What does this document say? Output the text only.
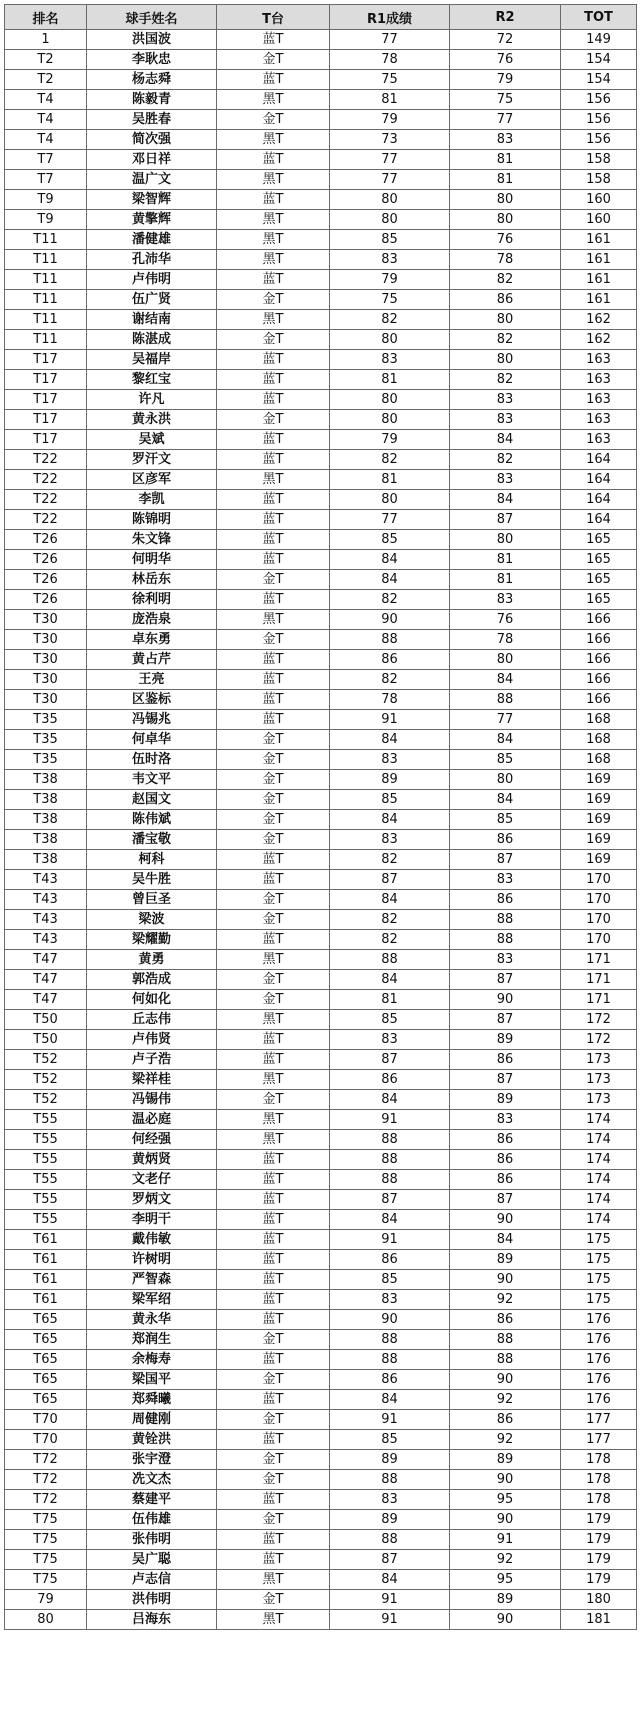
排名	球手姓名	T台	R1成绩	R2	TOT
1	洪国波	蓝T	77	72	149
T2	李耿忠	金T	78	76	154
T2	杨志舜	蓝T	75	79	154
T4	陈毅青	黑T	81	75	156
T4	吴胜春	金T	79	77	156
T4	简次强	黑T	73	83	156
T7	邓日祥	蓝T	77	81	158
T7	温广文	黑T	77	81	158
T9	梁智辉	蓝T	80	80	160
T9	黄擎辉	黑T	80	80	160
T11	潘健雄	黑T	85	76	161
T11	孔沛华	黑T	83	78	161
T11	卢伟明	蓝T	79	82	161
T11	伍广贤	金T	75	86	161
T11	谢结南	黑T	82	80	162
T11	陈湛成	金T	80	82	162
T17	吴福岸	蓝T	83	80	163
T17	黎红宝	蓝T	81	82	163
T17	许凡	蓝T	80	83	163
T17	黄永洪	金T	80	83	163
T17	吴斌	蓝T	79	84	163
T22	罗汗文	蓝T	82	82	164
T22	区彦军	黑T	81	83	164
T22	李凯	蓝T	80	84	164
T22	陈锦明	蓝T	77	87	164
T26	朱文锋	蓝T	85	80	165
T26	何明华	蓝T	84	81	165
T26	林岳东	金T	84	81	165
T26	徐利明	蓝T	82	83	165
T30	庞浩泉	黑T	90	76	166
T30	卓东勇	金T	88	78	166
T30	黄占芹	蓝T	86	80	166
T30	王亮	蓝T	82	84	166
T30	区鉴标	蓝T	78	88	166
T35	冯锡兆	蓝T	91	77	168
T35	何卓华	金T	84	84	168
T35	伍时洛	金T	83	85	168
T38	韦文平	金T	89	80	169
T38	赵国文	金T	85	84	169
T38	陈伟斌	金T	84	85	169
T38	潘宝敬	金T	83	86	169
T38	柯科	蓝T	82	87	169
T43	吴牛胜	蓝T	87	83	170
T43	曾巨圣	金T	84	86	170
T43	梁波	金T	82	88	170
T43	梁耀勤	蓝T	82	88	170
T47	黄勇	黑T	88	83	171
T47	郭浩成	金T	84	87	171
T47	何如化	金T	81	90	171
T50	丘志伟	黑T	85	87	172
T50	卢伟贤	蓝T	83	89	172
T52	卢子浩	蓝T	87	86	173
T52	梁祥桂	黑T	86	87	173
T52	冯锡伟	金T	84	89	173
T55	温必庭	黑T	91	83	174
T55	何经强	黑T	88	86	174
T55	黄炳贤	蓝T	88	86	174
T55	文老仔	蓝T	88	86	174
T55	罗炳文	蓝T	87	87	174
T55	李明干	蓝T	84	90	174
T61	戴伟敏	蓝T	91	84	175
T61	许树明	蓝T	86	89	175
T61	严智森	蓝T	85	90	175
T61	梁军绍	蓝T	83	92	175
T65	黄永华	蓝T	90	86	176
T65	郑润生	金T	88	88	176
T65	余梅寿	蓝T	88	88	176
T65	梁国平	金T	86	90	176
T65	郑舜曦	蓝T	84	92	176
T70	周健刚	金T	91	86	177
T70	黄铨洪	蓝T	85	92	177
T72	张宇澄	金T	89	89	178
T72	冼文杰	金T	88	90	178
T72	蔡建平	蓝T	83	95	178
T75	伍伟雄	金T	89	90	179
T75	张伟明	蓝T	88	91	179
T75	吴广聪	蓝T	87	92	179
T75	卢志信	黑T	84	95	179
79	洪伟明	金T	91	89	180
80	吕海东	黑T	91	90	181
